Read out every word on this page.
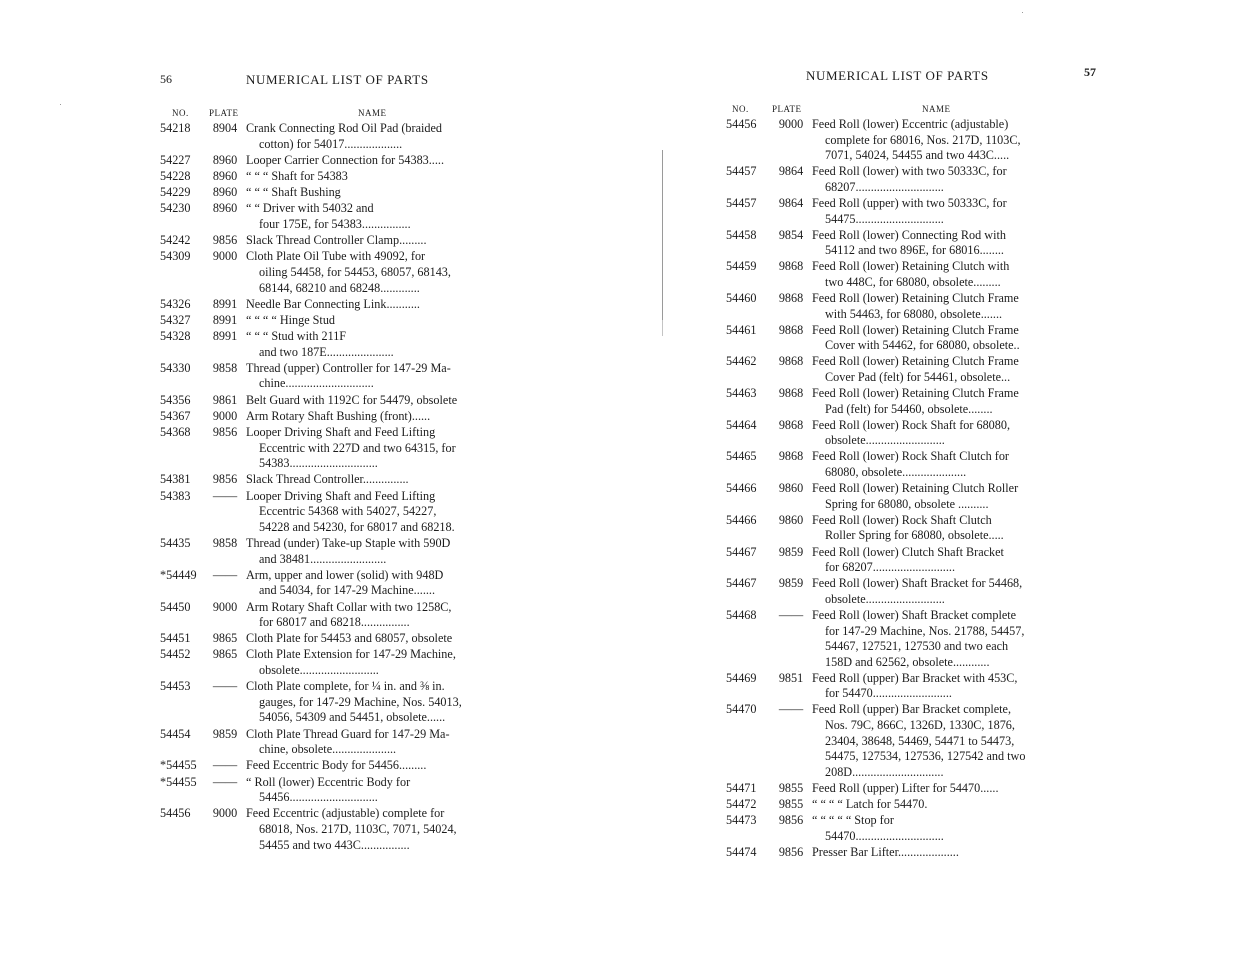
56	NUMERICAL LIST OF PARTS
NO. PLATE	NAME
54218	8904 Crank Connecting Rod Oil Pad (braided
cotton) for 54017...................
54227	8960 Looper Carrier Connection for 54383.....
54228	8960 “ “ “ Shaft for 54383
54229	8960 “ “ “ Shaft Bushing
54230	8960 “ “ Driver with 54032 and
four 175E, for 54383................
54242	9856 Slack Thread Controller Clamp.........
54309	9000 Cloth Plate Oil Tube with 49092, for
oiling 54458, for 54453, 68057, 68143,
68144, 68210 and 68248.............
54326	8991 Needle Bar Connecting Link...........
54327	8991 “ “ “ “ Hinge Stud
54328	8991 “ “ “ Stud with 211F
and two 187E......................
54330	9858 Thread (upper) Controller for 147-29 Ma-
chine.............................
54356	9861 Belt Guard with 1192C for 54479, obsolete
54367	9000 Arm Rotary Shaft Bushing (front)......
54368	9856 Looper Driving Shaft and Feed Lifting
Eccentric with 227D and two 64315, for
54383.............................
54381	9856 Slack Thread Controller...............
54383	—— Looper Driving Shaft and Feed Lifting
Eccentric 54368 with 54027, 54227,
54228 and 54230, for 68017 and 68218.
54435	9858 Thread (under) Take-up Staple with 590D
and 38481.........................
*54449	—— Arm, upper and lower (solid) with 948D
and 54034, for 147-29 Machine.......
54450	9000 Arm Rotary Shaft Collar with two 1258C,
for 68017 and 68218................
54451	9865 Cloth Plate for 54453 and 68057, obsolete
54452	9865 Cloth Plate Extension for 147-29 Machine,
obsolete..........................
54453	—— Cloth Plate complete, for ¼ in. and ⅜ in.
gauges, for 147-29 Machine, Nos. 54013,
54056, 54309 and 54451, obsolete......
54454	9859 Cloth Plate Thread Guard for 147-29 Ma-
chine, obsolete.....................
*54455	—— Feed Eccentric Body for 54456.........
*54455	—— “ Roll (lower) Eccentric Body for
54456.............................
54456	9000 Feed Eccentric (adjustable) complete for
68018, Nos. 217D, 1103C, 7071, 54024,
54455 and two 443C................
NUMERICAL LIST OF PARTS	57
NO.	PLATE	NAME
54456	9000 Feed Roll (lower) Eccentric (adjustable)
complete for 68016, Nos. 217D, 1103C,
7071, 54024, 54455 and two 443C.....
54457	9864 Feed Roll (lower) with two 50333C, for
68207.............................
54457	9864 Feed Roll (upper) with two 50333C, for
54475.............................
54458	9854 Feed Roll (lower) Connecting Rod with
54112 and two 896E, for 68016........
54459	9868 Feed Roll (lower) Retaining Clutch with
two 448C, for 68080, obsolete.........
54460	9868 Feed Roll (lower) Retaining Clutch Frame
with 54463, for 68080, obsolete.......
54461	9868 Feed Roll (lower) Retaining Clutch Frame
Cover with 54462, for 68080, obsolete..
54462	9868 Feed Roll (lower) Retaining Clutch Frame
Cover Pad (felt) for 54461, obsolete...
54463	9868 Feed Roll (lower) Retaining Clutch Frame
Pad (felt) for 54460, obsolete........
54464	9868 Feed Roll (lower) Rock Shaft for 68080,
obsolete..........................
54465	9868 Feed Roll (lower) Rock Shaft Clutch for
68080, obsolete.....................
54466	9860 Feed Roll (lower) Retaining Clutch Roller
Spring for 68080, obsolete ..........
54466	9860 Feed Roll (lower) Rock Shaft Clutch
Roller Spring for 68080, obsolete.....
54467	9859 Feed Roll (lower) Clutch Shaft Bracket
for 68207...........................
54467	9859 Feed Roll (lower) Shaft Bracket for 54468,
obsolete..........................
54468	—— Feed Roll (lower) Shaft Bracket complete
for 147-29 Machine, Nos. 21788, 54457,
54467, 127521, 127530 and two each
158D and 62562, obsolete............
54469	9851 Feed Roll (upper) Bar Bracket with 453C,
for 54470..........................
54470	—— Feed Roll (upper) Bar Bracket complete,
Nos. 79C, 866C, 1326D, 1330C, 1876,
23404, 38648, 54469, 54471 to 54473,
54475, 127534, 127536, 127542 and two
208D..............................
54471	9855 Feed Roll (upper) Lifter for 54470......
54472	9855 “ “ “ “ Latch for 54470.
54473	9856 “ “ “ “ “ Stop for
54470.............................
54474	9856 Presser Bar Lifter....................
